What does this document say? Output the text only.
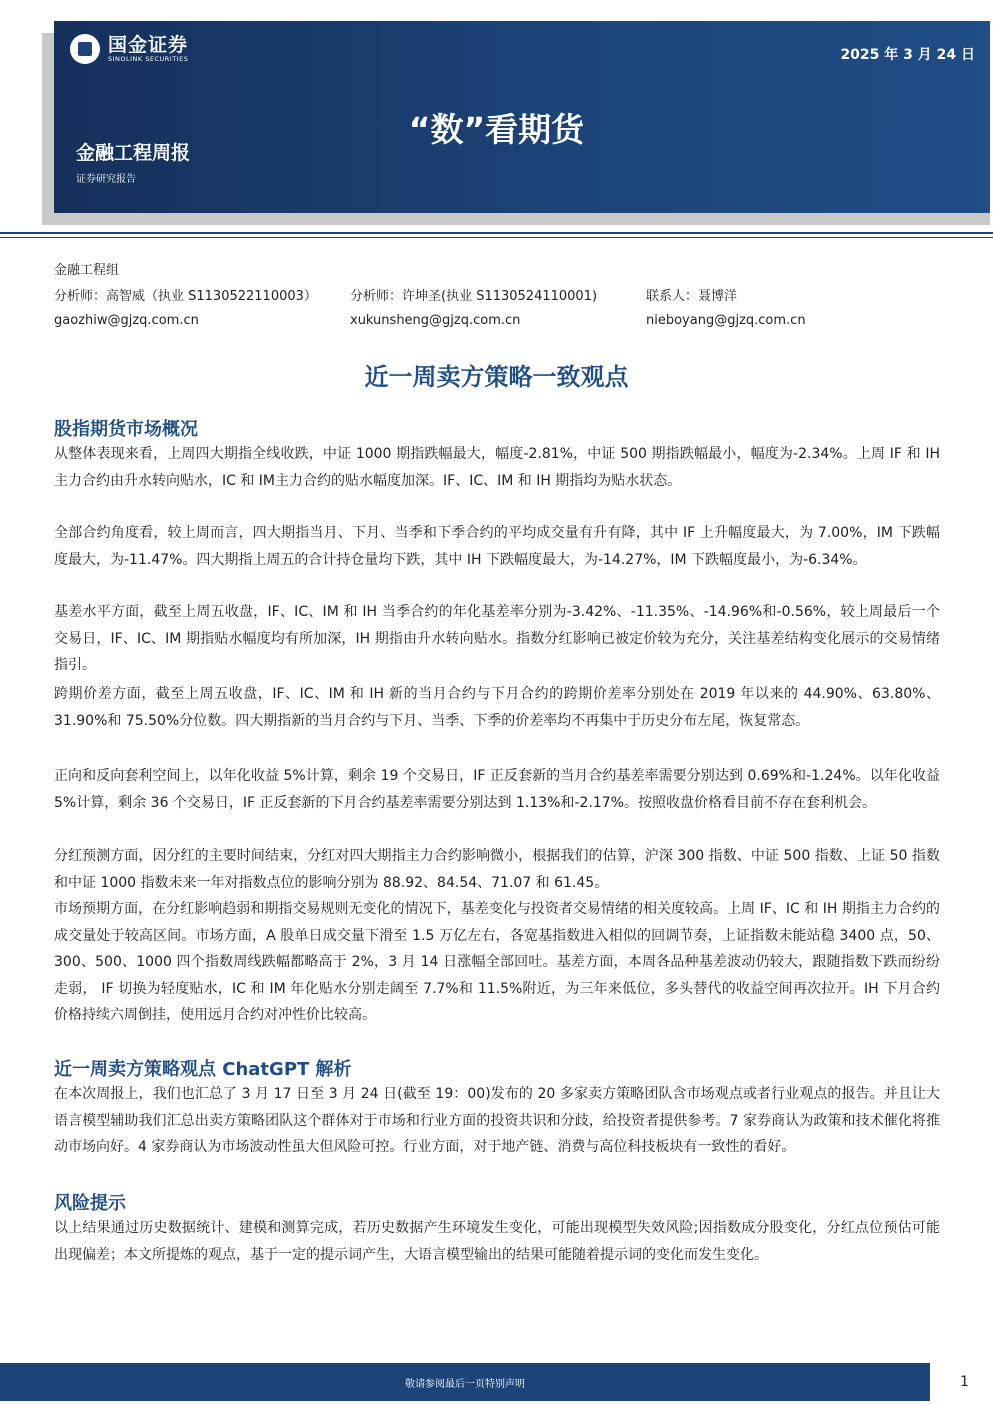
国金证券
SINOLINK SECURITIES	2025 年 3 月 24 日
“数”看期货
金融工程周报
证券研究报告
金融工程组
分析师：高智威（执业 S1130522110003）	分析师：许坤圣(执业 S1130524110001)	联系人：聂博洋
gaozhiw@gjzq.com.cn	xukunsheng@gjzq.com.cn	nieboyang@gjzq.com.cn
近一周卖方策略一致观点
股指期货市场概况

从整体表现来看，上周四大期指全线收跌，中证 1000 期指跌幅最大，幅度-2.81%，中证 500 期指跌幅最小，幅度为-2.34%。上周 IF 和 IH主力合约由升水转向贴水，IC 和 IM主力合约的贴水幅度加深。IF、IC、IM 和 IH 期指均为贴水状态。

全部合约角度看，较上周而言，四大期指当月、下月、当季和下季合约的平均成交量有升有降，其中 IF 上升幅度最大，为 7.00%，IM 下跌幅度最大，为-11.47%。四大期指上周五的合计持仓量均下跌，其中 IH 下跌幅度最大，为-14.27%，IM 下跌幅度最小，为-6.34%。

基差水平方面，截至上周五收盘，IF、IC、IM 和 IH 当季合约的年化基差率分别为-3.42%、-11.35%、-14.96%和-0.56%，较上周最后一个交易日，IF、IC、IM 期指贴水幅度均有所加深，IH 期指由升水转向贴水。指数分红影响已被定价较为充分，关注基差结构变化展示的交易情绪指引。

跨期价差方面，截至上周五收盘，IF、IC、IM 和 IH 新的当月合约与下月合约的跨期价差率分别处在 2019 年以来的 44.90%、63.80%、31.90%和 75.50%分位数。四大期指新的当月合约与下月、当季、下季的价差率均不再集中于历史分布左尾，恢复常态。

正向和反向套利空间上，以年化收益 5%计算，剩余 19 个交易日，IF 正反套新的当月合约基差率需要分别达到 0.69%和-1.24%。以年化收益 5%计算，剩余 36 个交易日，IF 正反套新的下月合约基差率需要分别达到 1.13%和-2.17%。按照收盘价格看目前不存在套利机会。

分红预测方面，因分红的主要时间结束，分红对四大期指主力合约影响微小，根据我们的估算，沪深 300 指数、中证 500 指数、上证 50 指数和中证 1000 指数未来一年对指数点位的影响分别为 88.92、84.54、71.07 和 61.45。

市场预期方面，在分红影响趋弱和期指交易规则无变化的情况下，基差变化与投资者交易情绪的相关度较高。上周 IF、IC 和 IH 期指主力合约的成交量处于较高区间。市场方面，A 股单日成交量下滑至 1.5 万亿左右，各宽基指数进入相似的回调节奏，上证指数未能站稳 3400 点，50、300、500、1000 四个指数周线跌幅都略高于 2%，3 月 14 日涨幅全部回吐。基差方面，本周各品种基差波动仍较大，跟随指数下跌而纷纷走弱， IF 切换为轻度贴水，IC 和 IM 年化贴水分别走阔至 7.7%和 11.5%附近，为三年来低位，多头替代的收益空间再次拉开。IH 下月合约价格持续六周倒挂，使用远月合约对冲性价比较高。

近一周卖方策略观点 ChatGPT 解析

在本次周报上，我们也汇总了 3 月 17 日至 3 月 24 日(截至 19：00)发布的 20 多家卖方策略团队含市场观点或者行业观点的报告。并且让大语言模型辅助我们汇总出卖方策略团队这个群体对于市场和行业方面的投资共识和分歧，给投资者提供参考。7 家券商认为政策和技术催化将推动市场向好。4 家券商认为市场波动性虽大但风险可控。行业方面，对于地产链、消费与高位科技板块有一致性的看好。

风险提示

以上结果通过历史数据统计、建模和测算完成，若历史数据产生环境发生变化，可能出现模型失效风险;因指数成分股变化，分红点位预估可能出现偏差；本文所提炼的观点，基于一定的提示词产生，大语言模型输出的结果可能随着提示词的变化而发生变化。

敬请参阅最后一页特别声明	1
